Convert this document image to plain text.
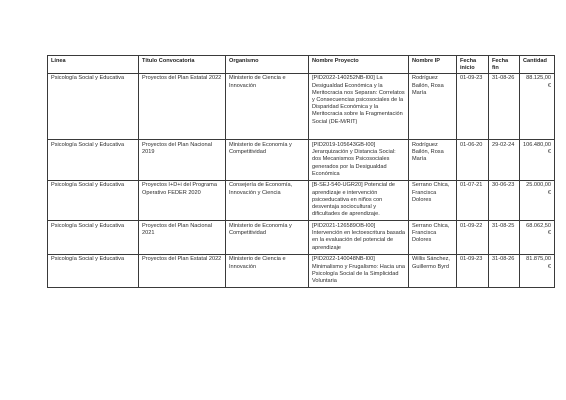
Línea	Título Convocatoria	Organismo	Nombre Proyecto	Nombre IP	Fecha inicio	Fecha fin	Cantidad
Psicología Social y Educativa	Proyectos del Plan Estatal 2022	Ministerio de Ciencia e Innovación	[PID2022-140252NB-I00] La Desigualdad Económica y la Meritocracia nos Separan: Correlatos y Consecuencias psicosociales de la Disparidad Económica y la Meritocracia sobre la Fragmentación Social (DE-M/RIT)	Rodríguez Bailón, Rosa María	01-09-23	31-08-26	88.125,00 €
Psicología Social y Educativa	Proyectos del Plan Nacional 2019	Ministerio de Economía y Competitividad	[PID2019-105643GB-I00] Jerarquización y Distancia Social: dos Mecanismos Psicosociales generados por la Desigualdad Económica	Rodríguez Bailón, Rosa María	01-06-20	29-02-24	106.480,00 €
Psicología Social y Educativa	Proyectos I+D+i del Programa Operativo FEDER 2020	Consejería de Economía, Innovación y Ciencia	[B-SEJ-540-UGR20] Potencial de aprendizaje e intervención psicoeducativa en niños con desventaja sociocultural y dificultades de aprendizaje.	Serrano Chica, Francisca Dolores	01-07-21	30-06-23	25.000,00 €
Psicología Social y Educativa	Proyectos del Plan Nacional 2021	Ministerio de Economía y Competitividad	[PID2021-126589OB-I00] Intervención en lectoescritura basada en la evaluación del potencial de aprendizaje	Serrano Chica, Francisca Dolores	01-09-22	31-08-25	68.062,50 €
Psicología Social y Educativa	Proyectos del Plan Estatal 2022	Ministerio de Ciencia e Innovación	[PID2022-140048NB-I00] Minimalismo y Frugalismo: Hacia una Psicología Social de la Simplicidad Voluntaria	Willis Sánchez, Guillermo Byrd	01-09-23	31-08-26	81.875,00 €
